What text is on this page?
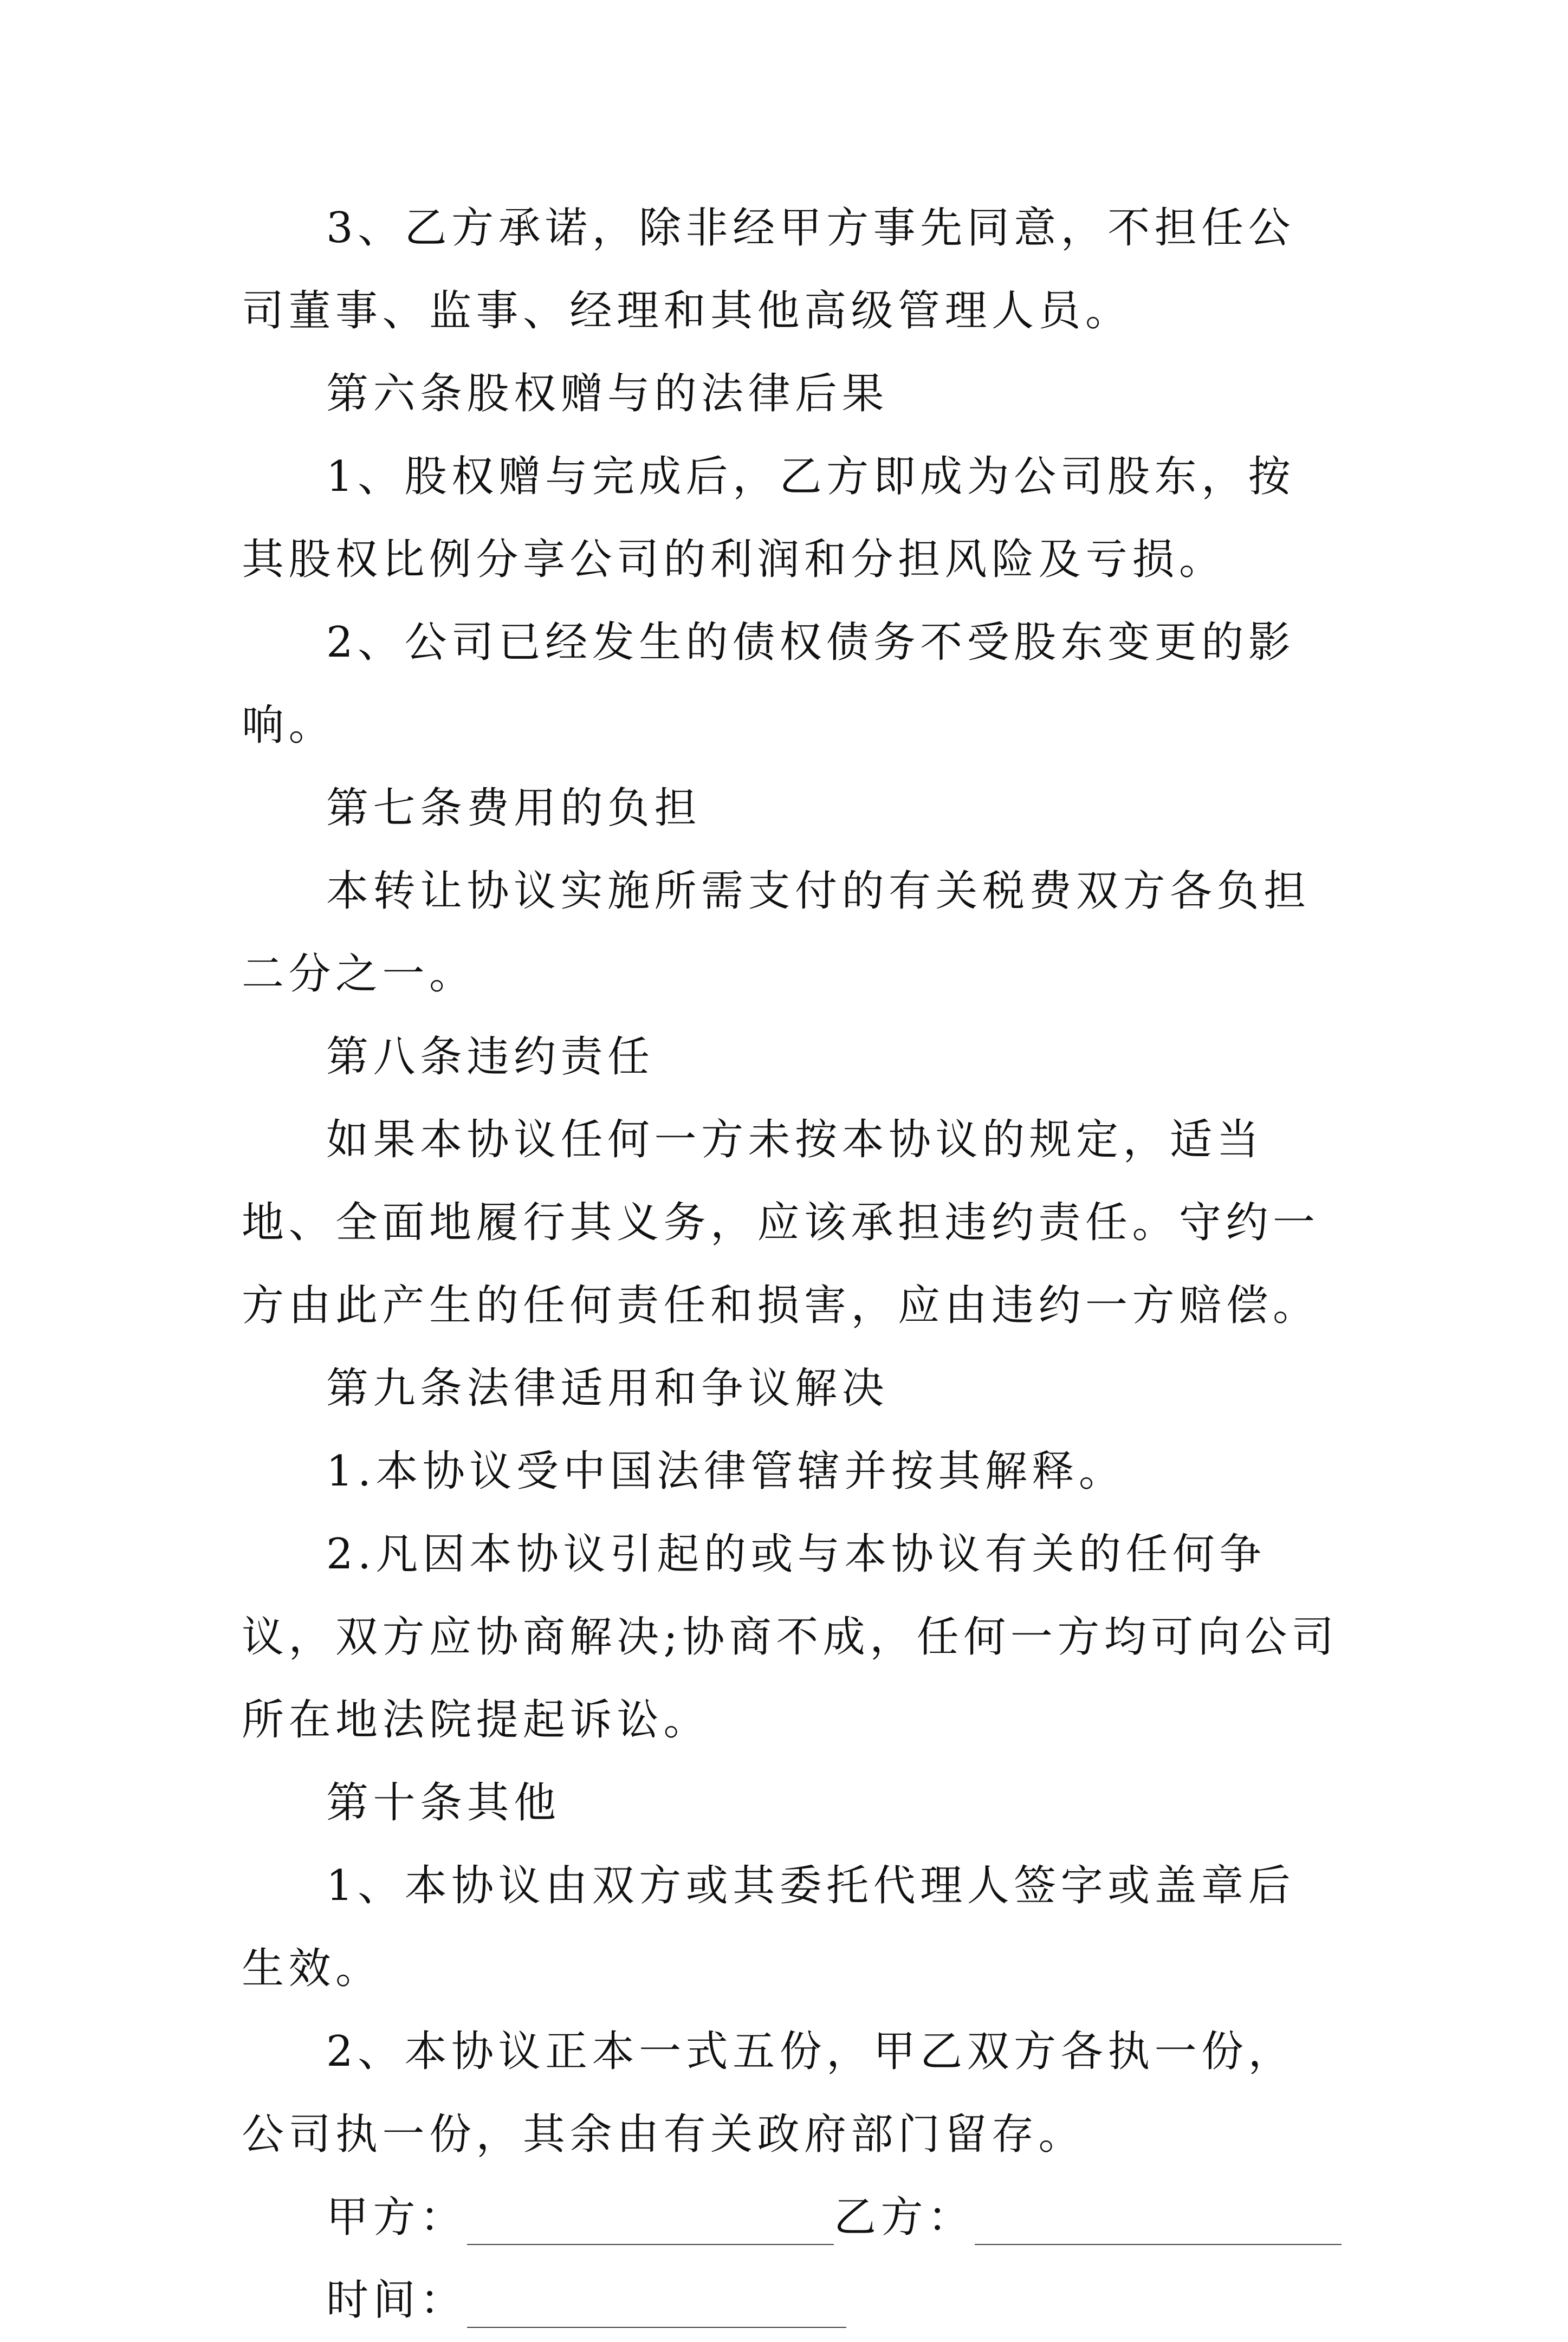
3、乙方承诺，除非经甲方事先同意，不担任公司董事、监事、经理和其他高级管理人员。

第六条股权赠与的法律后果

1、股权赠与完成后，乙方即成为公司股东，按其股权比例分享公司的利润和分担风险及亏损。

2、公司已经发生的债权债务不受股东变更的影响。

第七条费用的负担

本转让协议实施所需支付的有关税费双方各负担二分之一。

第八条违约责任

如果本协议任何一方未按本协议的规定，适当地、全面地履行其义务，应该承担违约责任。守约一方由此产生的任何责任和损害，应由违约一方赔偿。

第九条法律适用和争议解决

1.本协议受中国法律管辖并按其解释。

2.凡因本协议引起的或与本协议有关的任何争议，双方应协商解决;协商不成，任何一方均可向公司所在地法院提起诉讼。

第十条其他

1、本协议由双方或其委托代理人签字或盖章后生效。

2、本协议正本一式五份，甲乙双方各执一份，公司执一份，其余由有关政府部门留存。

甲方：	乙方：
时间：
